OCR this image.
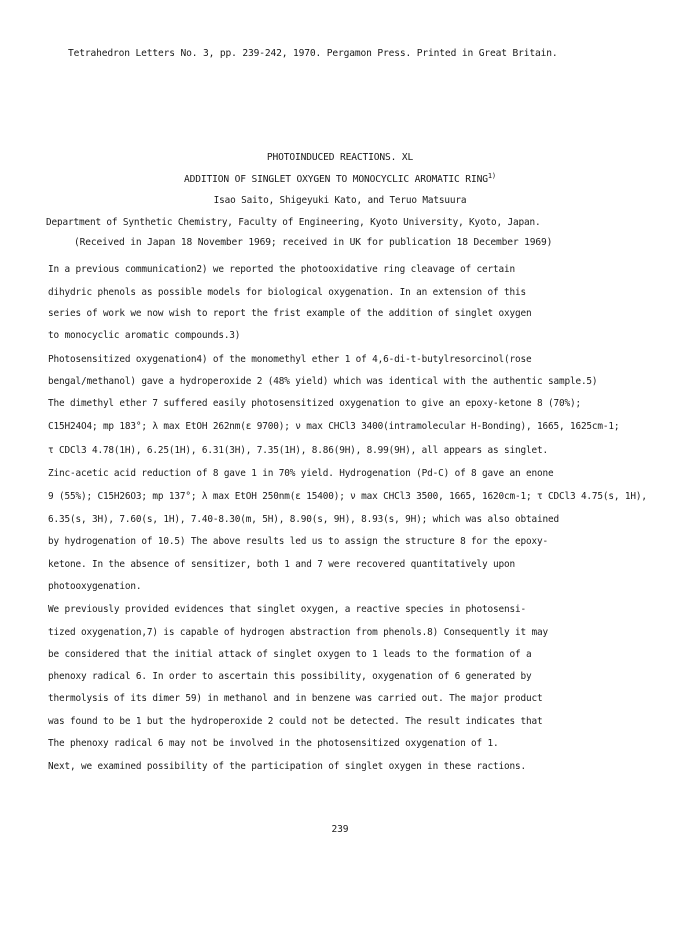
Tetrahedron Letters No. 3, pp. 239-242, 1970. Pergamon Press. Printed in Great Britain.
PHOTOINDUCED REACTIONS. XL
ADDITION OF SINGLET OXYGEN TO MONOCYCLIC AROMATIC RING$^{1)}$
Isao Saito, Shigeyuki Kato, and Teruo Matsuura
Department of Synthetic Chemistry, Faculty of Engineering, Kyoto University, Kyoto, Japan.
(Received in Japan 18 November 1969; received in UK for publication 18 December 1969)
In a previous communication2) we reported the photooxidative ring cleavage of certain
dihydric phenols as possible models for biological oxygenation. In an extension of this
series of work we now wish to report the frist example of the addition of singlet oxygen
to monocyclic aromatic compounds.3)
Photosensitized oxygenation4) of the monomethyl ether 1 of 4,6-di-t-butylresorcinol(rose
bengal/methanol) gave a hydroperoxide 2 (48% yield) which was identical with the authentic sample.5)
The dimethyl ether 7 suffered easily photosensitized oxygenation to give an epoxy-ketone 8 (70%);
C15H24O4; mp 183°; λ max EtOH 262nm(ε 9700); ν max CHCl3 3400(intramolecular H-Bonding), 1665, 1625cm-1;
τ CDCl3 4.78(1H), 6.25(1H), 6.31(3H), 7.35(1H), 8.86(9H), 8.99(9H), all appears as singlet.
Zinc-acetic acid reduction of 8 gave 1 in 70% yield. Hydrogenation (Pd-C) of 8 gave an enone
9 (55%); C15H26O3; mp 137°; λ max EtOH 250nm(ε 15400); ν max CHCl3 3500, 1665, 1620cm-1; τ CDCl3 4.75(s, 1H),
6.35(s, 3H), 7.60(s, 1H), 7.40-8.30(m, 5H), 8.90(s, 9H), 8.93(s, 9H); which was also obtained
by hydrogenation of 10.5) The above results led us to assign the structure 8 for the epoxy-
ketone. In the absence of sensitizer, both 1 and 7 were recovered quantitatively upon
photooxygenation.
We previously provided evidences that singlet oxygen, a reactive species in photosensi-
tized oxygenation,7) is capable of hydrogen abstraction from phenols.8) Consequently it may
be considered that the initial attack of singlet oxygen to 1 leads to the formation of a
phenoxy radical 6. In order to ascertain this possibility, oxygenation of 6 generated by
thermolysis of its dimer 59) in methanol and in benzene was carried out. The major product
was found to be 1 but the hydroperoxide 2 could not be detected. The result indicates that
The phenoxy radical 6 may not be involved in the photosensitized oxygenation of 1.
Next, we examined possibility of the participation of singlet oxygen in these ractions.
239
